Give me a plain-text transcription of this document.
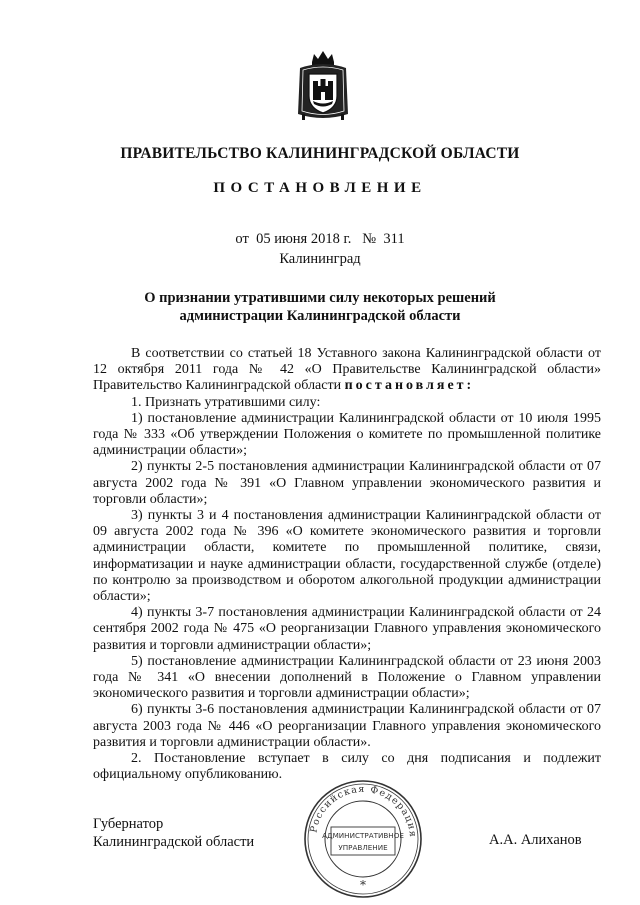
ПРАВИТЕЛЬСТВО КАЛИНИНГРАДСКОЙ ОБЛАСТИ
ПОСТАНОВЛЕНИЕ
от 05 июня 2018 г. № 311
Калининград
О признании утратившими силу некоторых решений администрации Калининградской области

В соответствии со статьей 18 Уставного закона Калининградской области от 12 октября 2011 года № 42 «О Правительстве Калининградской области» Правительство Калининградской области постановляет:

1. Признать утратившими силу:

1) постановление администрации Калининградской области от 10 июля 1995 года № 333 «Об утверждении Положения о комитете по промышленной политике администрации области»;

2) пункты 2-5 постановления администрации Калининградской области от 07 августа 2002 года № 391 «О Главном управлении экономического развития и торговли области»;

3) пункты 3 и 4 постановления администрации Калининградской области от 09 августа 2002 года № 396 «О комитете экономического развития и торговли администрации области, комитете по промышленной политике, связи, информатизации и науке администрации области, государственной службе (отделе) по контролю за производством и оборотом алкогольной продукции администрации области»;

4) пункты 3-7 постановления администрации Калининградской области от 24 сентября 2002 года № 475 «О реорганизации Главного управления экономического развития и торговли администрации области»;

5) постановление администрации Калининградской области от 23 июня 2003 года № 341 «О внесении дополнений в Положение о Главном управлении экономического развития и торговли администрации области»;

6) пункты 3-6 постановления администрации Калининградской области от 07 августа 2003 года № 446 «О реорганизации Главного управления экономического развития и торговли администрации области».

2. Постановление вступает в силу со дня подписания и подлежит официальному опубликованию.

Губернатор
Калининградской области	А.А. Алиханов
Российская Федерация
АДМИНИСТРАТИВНОЕ
УПРАВЛЕНИЕ
*
